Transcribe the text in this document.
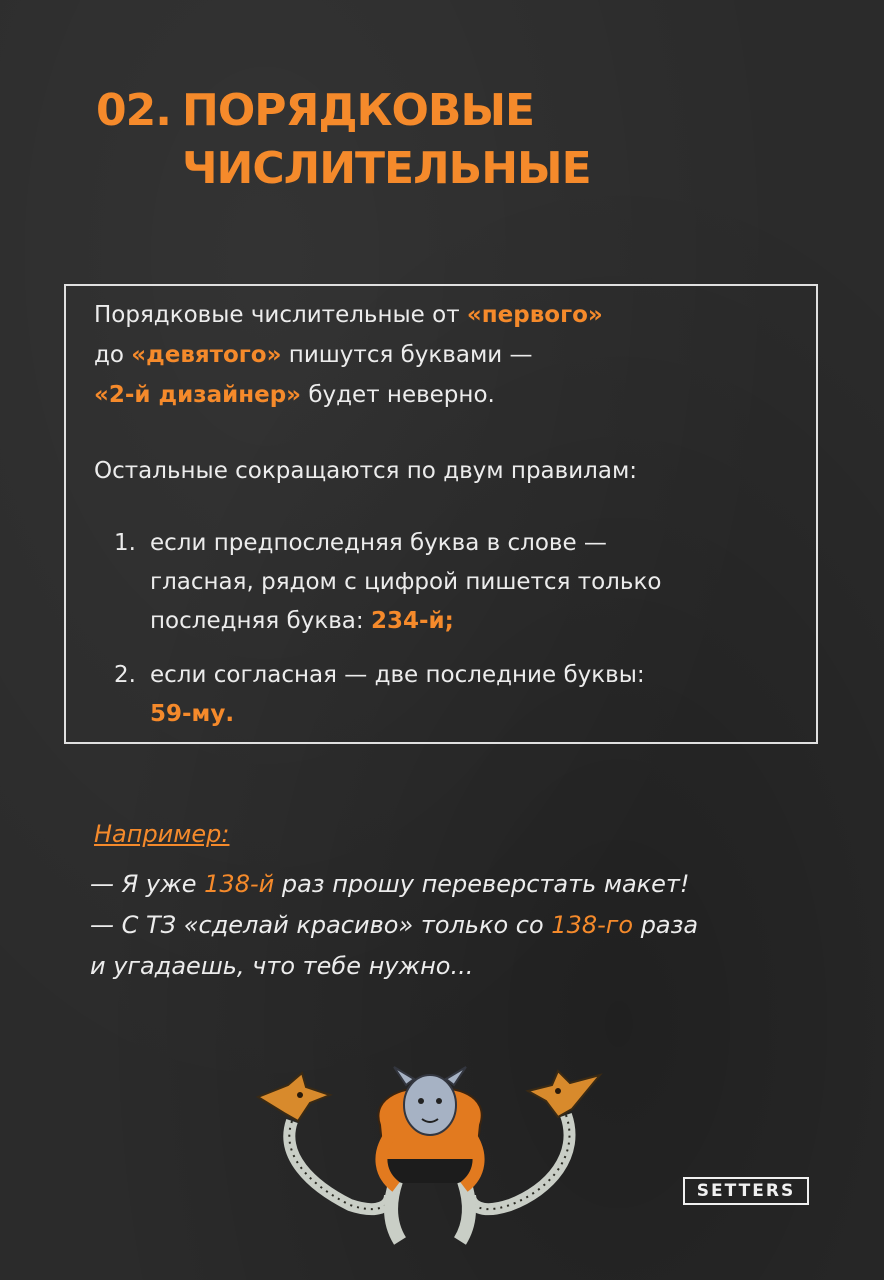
02. ПОРЯДКОВЫЕ
ЧИСЛИТЕЛЬНЫЕ
Порядковые числительные от «первого»
до «девятого» пишутся буквами —
«2-й дизайнер» будет неверно.
Остальные сокращаются по двум правилам:
1. если предпоследняя буква в слове —
гласная, рядом с цифрой пишется только
последняя буква: 234-й;
2. если согласная — две последние буквы:
59-му.
Например:
— Я уже 138-й раз прошу переверстать макет!
— С ТЗ «сделай красиво» только со 138-го раза
и угадаешь, что тебе нужно...
SETTERS
